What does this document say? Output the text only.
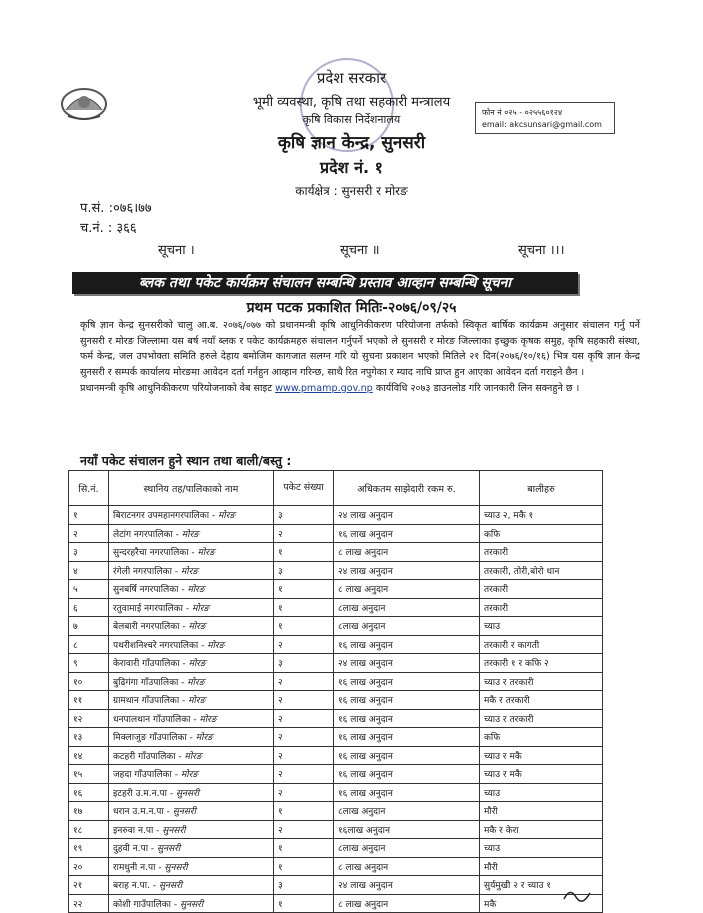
प्रदेश सरकार
भूमी व्यवस्था, कृषि तथा सहकारी मन्त्रालय
कृषि विकास निर्देशनालय
कृषि ज्ञान केन्द्र, सुनसरी
प्रदेश नं. १
कार्यक्षेत्र : सुनसरी र मोरङ
फोन नं ०२५ - ०२५५६०१२४
email: akcsunsari@gmail.com
प.सं. :०७६।७७
च.नं. : ३६६
सूचना ।	सूचना ॥	सूचना ।।।
ब्लक तथा पकेट कार्यक्रम संचालन सम्बन्धि प्रस्ताव आव्हान सम्बन्धि सूचना
प्रथम पटक प्रकाशित मितिः-२०७६/०९/२५

कृषि ज्ञान केन्द्र सुनसरीको चालु आ.ब. २०७६/०७७ को प्रधानमन्त्री कृषि आधुनिकीकरण परियोजना तर्फको स्विकृत बार्षिक कार्यक्रम अनुसार संचालन गर्नु पर्ने सुनसरी र मोरङ जिल्लामा यस बर्ष नयाँ ब्लक र पकेट कार्यक्रमहरु संचालन गर्नुपर्ने भएको ले सुनसरी र मोरङ जिल्लाका इच्छुक कृषक समुह, कृषि सहकारी संस्था, फर्म केन्द्र, जल उपभोक्ता समिति हरुले देहाय बमोजिम कागजात सलग्न गरि यो सुचना प्रकाशन भएको मितिले २१ दिन(२०७६/१०/१६) भित्र यस कृषि ज्ञान केन्द्र सुनसरी र सम्पर्क कार्यालय मोरङमा आवेदन दर्ता गर्नहुन आव्हान गरिन्छ, साथै रित नपुगेका र म्याद नाघि प्राप्त हुन आएका आवेदन दर्ता गराइने छैन ।

प्रधानमन्त्री कृषि आधुनिकीकरण परियोजनाको वेब साइट www.pmamp.gov.np कार्यविधि २०७३ डाउनलोड गरि जानकारी लिन सक्नहुने छ ।

नयाँ पकेट संचालन हुने स्थान तथा बाली/बस्तु :
सि.नं.	स्थानिय तह/पालिकाको नाम	पकेट संख्या	अधिकतम साझेदारी रकम रु.	बालीहरु
१	बिराटनगर उपमहानगरपालिका - मोरङ	३	२४ लाख अनुदान	च्याउ २, मकै १
२	लेटांग नगरपालिका - मोरङ	२	१६ लाख अनुदान	कफि
३	सुन्दरहरैचा नगरपालिका - मोरङ	१	८ लाख अनुदान	तरकारी
४	रंगेली नगरपालिका - मोरङ	३	२४ लाख अनुदान	तरकारी, तोरी,बोरो धान
५	सुनबर्षि नगरपालिका - मोरङ	१	८ लाख अनुदान	तरकारी
६	रतुवामाई नगरपालिका - मोरङ	१	८लाख अनुदान	तरकारी
७	बेलबारी नगरपालिका - मोरङ	१	८लाख अनुदान	च्याउ
८	पथरीशनिश्चरे नगरपालिका - मोरङ	२	१६ लाख अनुदान	तरकारी र कागती
९	केरावारी गाँउपालिका - मोरङ	३	२४ लाख अनुदान	तरकारी १ र कफि २
१०	बुढिगंगा गाँउपालिका - मोरङ	२	१६ लाख अनुदान	च्याउ र तरकारी
११	ग्रामथान गाँउपालिका - मोरङ	२	१६ लाख अनुदान	मकै र तरकारी
१२	धनपालथान गाँउपालिका - मोरङ	२	१६ लाख अनुदान	च्याउ र तरकारी
१३	मिक्लाजुङ गाँउपालिका - मोरङ	२	१६ लाख अनुदान	कफि
१४	कटहरी गाँउपालिका - मोरङ	२	१६ लाख अनुदान	च्याउ र मकै
१५	जहदा गाँउपालिका - मोरङ	२	१६ लाख अनुदान	च्याउ र मकै
१६	इटहरी उ.म.न.पा - सुनसरी	२	१६ लाख अनुदान	च्याउ
१७	धरान उ.म.न.पा - सुनसरी	१	८लाख अनुदान	मौरी
१८	इनरुवा न.पा - सुनसरी	२	१६लाख अनुदान	मकै र केरा
१९	दुहवी न.पा - सुनसरी	१	८लाख अनुदान	च्याउ
२०	रामधुनी न.पा - सुनसरी	१	८ लाख अनुदान	मौरी
२१	बराह न.पा. - सुनसरी	३	२४ लाख अनुदान	सुर्यमुखी २ र च्याउ १
२२	कोशी गाउँपालिका - सुनसरी	१	८ लाख अनुदान	मकै
